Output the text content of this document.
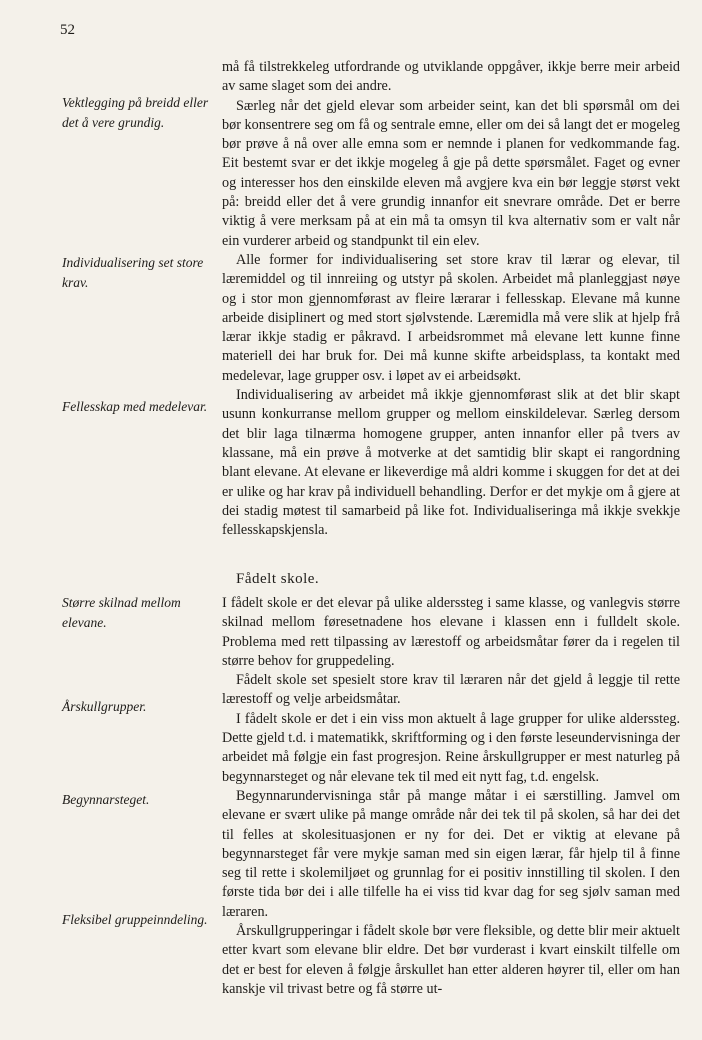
52
Vektlegging på breidd eller det å vere grundig.
Individualisering set store krav.
Fellesskap med medelevar.
Større skilnad mellom elevane.
Årskullgrupper.
Begynnarsteget.
Fleksibel gruppeinndeling.

må få tilstrekkeleg utfordrande og utviklande oppgåver, ikkje berre meir arbeid av same slaget som dei andre.

Særleg når det gjeld elevar som arbeider seint, kan det bli spørsmål om dei bør konsentrere seg om få og sentrale emne, eller om dei så langt det er mogeleg bør prøve å nå over alle emna som er nemnde i planen for vedkommande fag. Eit bestemt svar er det ikkje mogeleg å gje på dette spørsmålet. Faget og evner og interesser hos den einskilde eleven må avgjere kva ein bør leggje størst vekt på: breidd eller det å vere grundig innanfor eit snevrare område. Det er berre viktig å vere merksam på at ein må ta omsyn til kva alternativ som er valt når ein vurderer arbeid og standpunkt til ein elev.

Alle former for individualisering set store krav til lærar og elevar, til læremiddel og til innreiing og utstyr på skolen. Arbeidet må planleggjast nøye og i stor mon gjennomførast av fleire lærarar i fellesskap. Elevane må kunne arbeide disiplinert og med stort sjølvstende. Læremidla må vere slik at hjelp frå lærar ikkje stadig er påkravd. I arbeidsrommet må elevane lett kunne finne materiell dei har bruk for. Dei må kunne skifte arbeidsplass, ta kontakt med medelevar, lage grupper osv. i løpet av ei arbeidsøkt.

Individualisering av arbeidet må ikkje gjennomførast slik at det blir skapt usunn konkurranse mellom grupper og mellom einskildelevar. Særleg dersom det blir laga tilnærma homogene grupper, anten innanfor eller på tvers av klassane, må ein prøve å motverke at det samtidig blir skapt ei rangordning blant elevane. At elevane er likeverdige må aldri komme i skuggen for det at dei er ulike og har krav på individuell behandling. Derfor er det mykje om å gjere at dei stadig møtest til samarbeid på like fot. Individualiseringa må ikkje svekkje fellesskapskjensla.

Fådelt skole.

I fådelt skole er det elevar på ulike alderssteg i same klasse, og vanlegvis større skilnad mellom føresetnadene hos elevane i klassen enn i fulldelt skole. Problema med rett tilpassing av lærestoff og arbeidsmåtar fører da i regelen til større behov for gruppedeling.

Fådelt skole set spesielt store krav til læraren når det gjeld å leggje til rette lærestoff og velje arbeidsmåtar.

I fådelt skole er det i ein viss mon aktuelt å lage grupper for ulike alderssteg. Dette gjeld t.d. i matematikk, skriftforming og i den første leseundervisninga der arbeidet må følgje ein fast progresjon. Reine årskullgrupper er mest naturleg på begynnarsteget og når elevane tek til med eit nytt fag, t.d. engelsk.

Begynnarundervisninga står på mange måtar i ei særstilling. Jamvel om elevane er svært ulike på mange område når dei tek til på skolen, så har dei det til felles at skolesituasjonen er ny for dei. Det er viktig at elevane på begynnarsteget får vere mykje saman med sin eigen lærar, får hjelp til å finne seg til rette i skolemiljøet og grunnlag for ei positiv innstilling til skolen. I den første tida bør dei i alle tilfelle ha ei viss tid kvar dag for seg sjølv saman med læraren.

Årskullgrupperingar i fådelt skole bør vere fleksible, og dette blir meir aktuelt etter kvart som elevane blir eldre. Det bør vurderast i kvart einskilt tilfelle om det er best for eleven å følgje årskullet han etter alderen høyrer til, eller om han kanskje vil trivast betre og få større ut-
